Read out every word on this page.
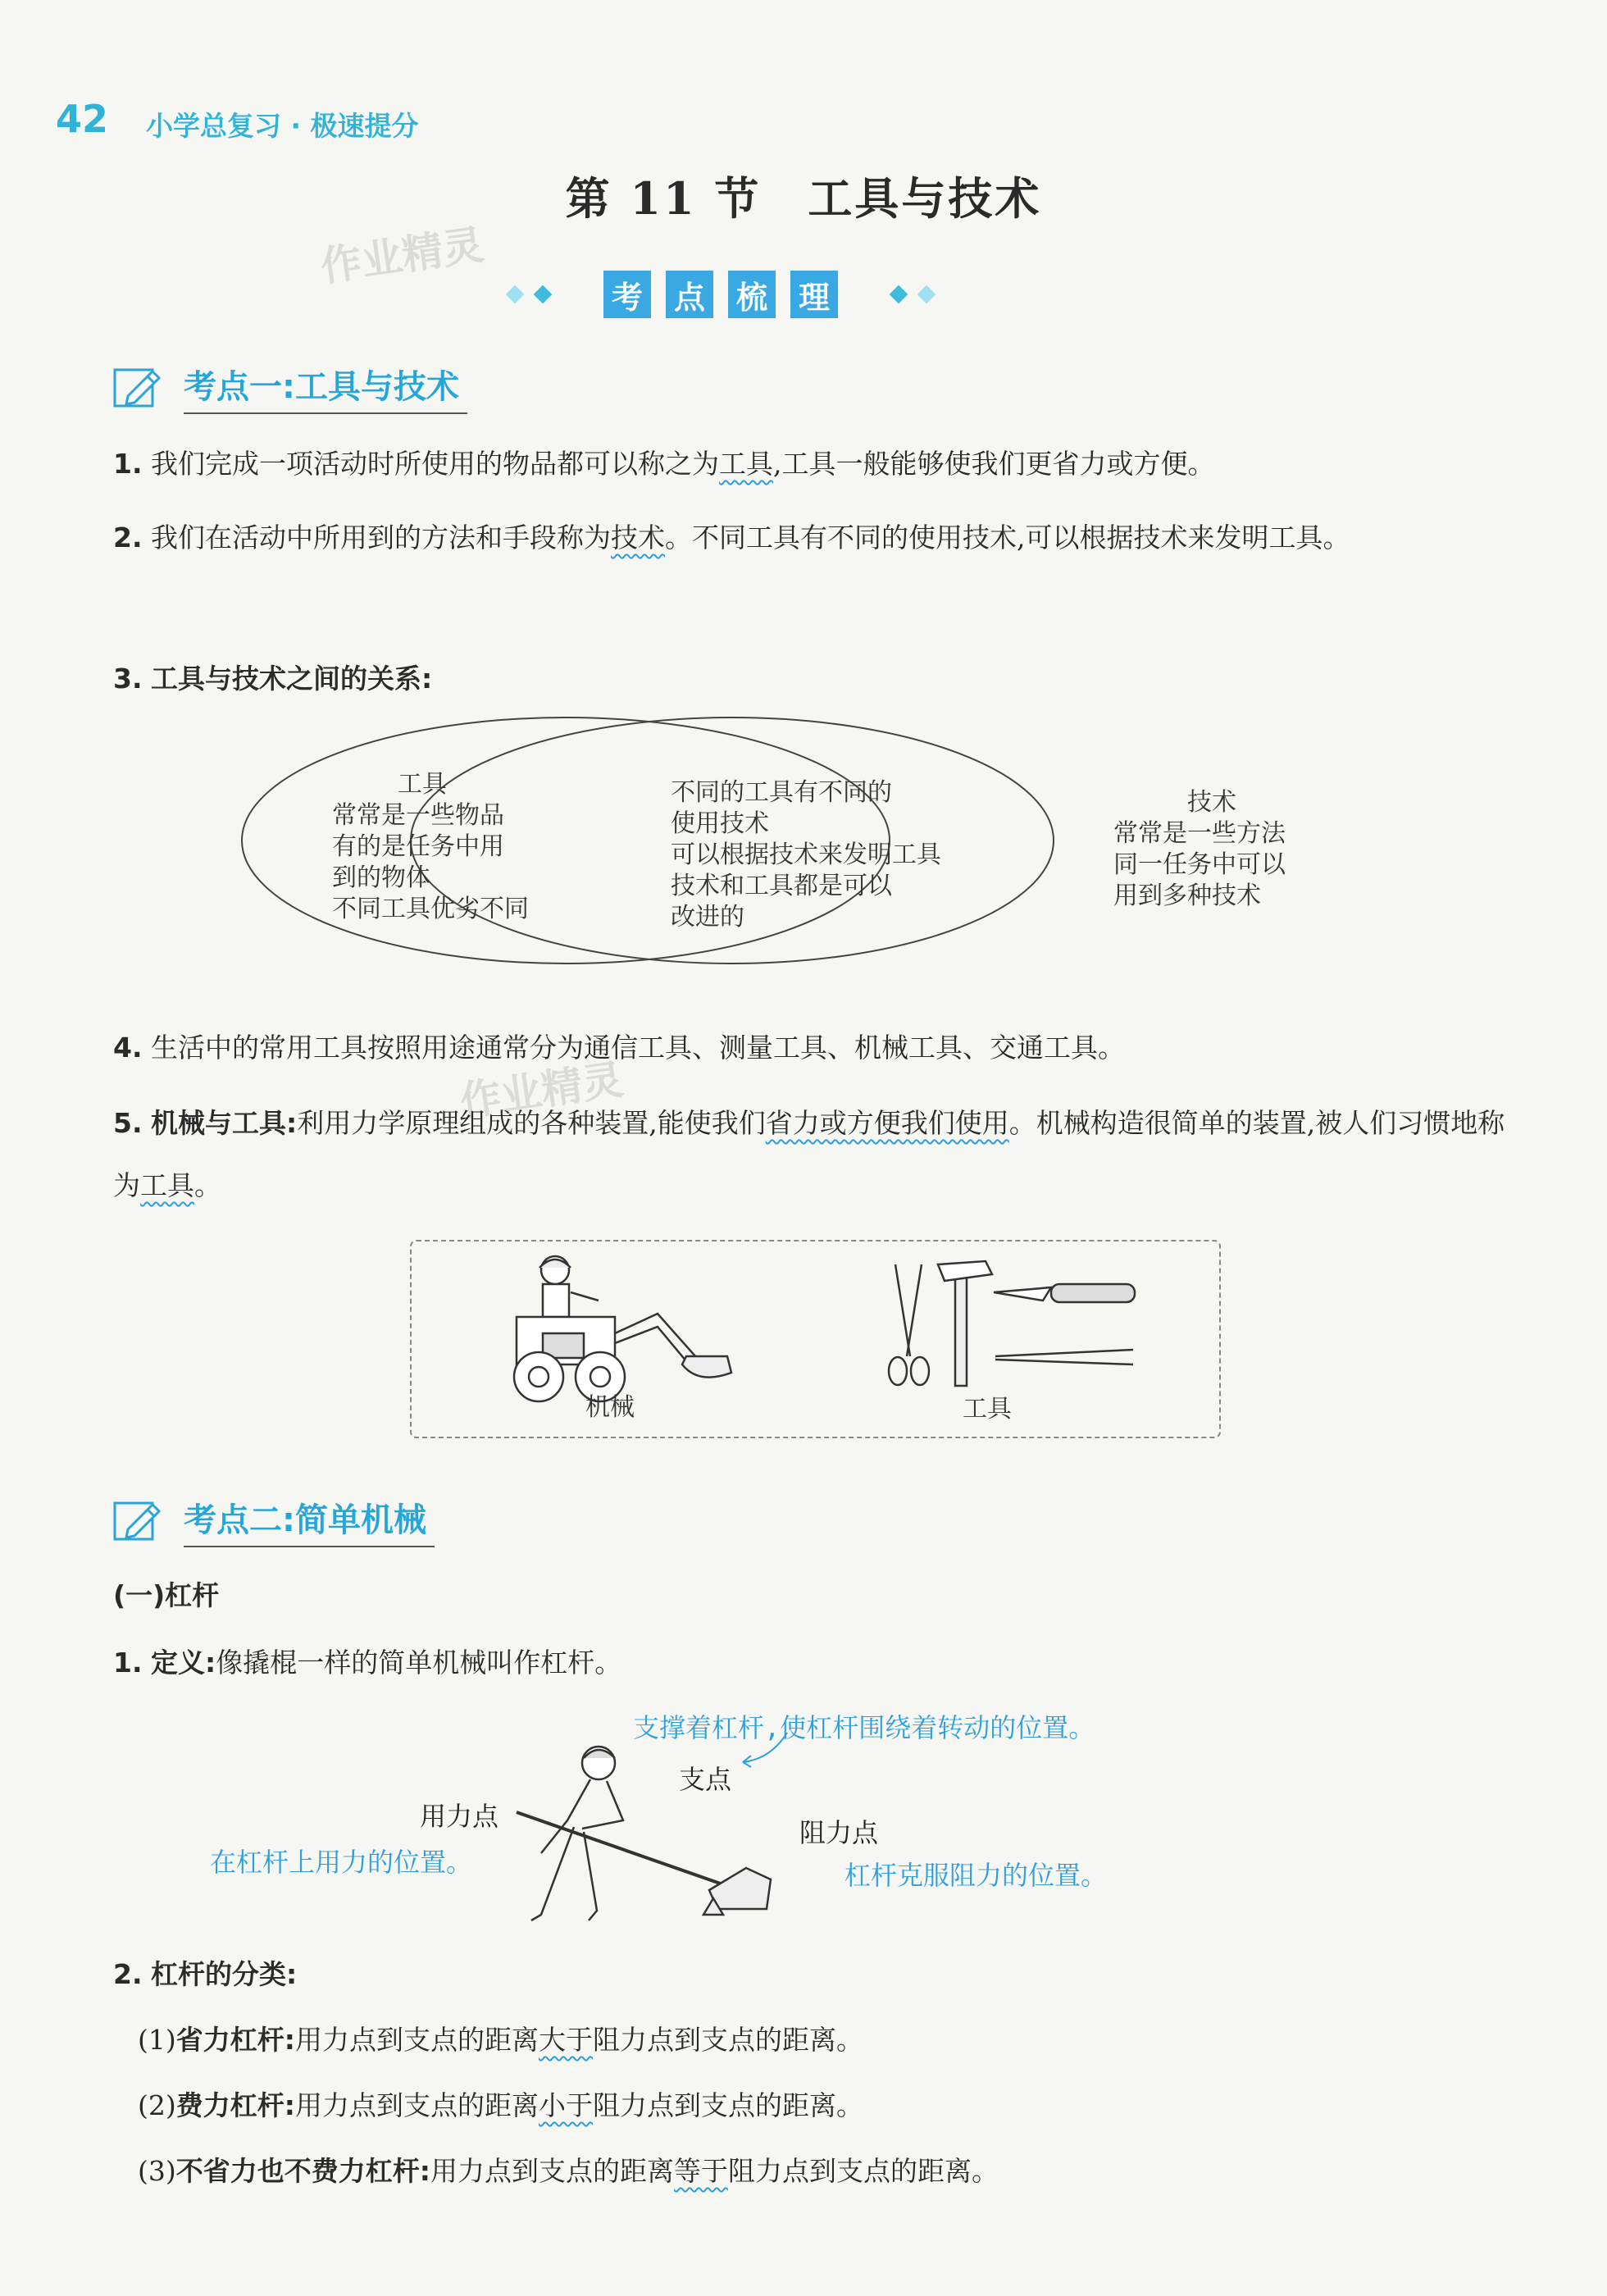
42 小学总复习 · 极速提分
第 11 节　工具与技术
作业精灵
考 点 梳 理
考点一:工具与技术
1. 我们完成一项活动时所使用的物品都可以称之为工具,工具一般能够使我们更省力或方便。
2. 我们在活动中所用到的方法和手段称为技术。不同工具有不同的使用技术,可以根据技术来发明工具。
3. 工具与技术之间的关系:
工具
常常是一些物品
有的是任务中用
到的物体
不同工具优劣不同
不同的工具有不同的
使用技术
可以根据技术来发明工具
技术和工具都是可以
改进的
技术
常常是一些方法
同一任务中可以
用到多种技术
4. 生活中的常用工具按照用途通常分为通信工具、测量工具、机械工具、交通工具。
作业精灵
5. 机械与工具:利用力学原理组成的各种装置,能使我们省力或方便我们使用。机械构造很简单的装置,被人们习惯地称为工具。
机械	工具
考点二:简单机械
(一)杠杆
1. 定义:像撬棍一样的简单机械叫作杠杆。
支撑着杠杆,使杠杆围绕着转动的位置。
支点
用力点
在杠杆上用力的位置。
阻力点
杠杆克服阻力的位置。
2. 杠杆的分类:
(1)省力杠杆:用力点到支点的距离大于阻力点到支点的距离。
(2)费力杠杆:用力点到支点的距离小于阻力点到支点的距离。
(3)不省力也不费力杠杆:用力点到支点的距离等于阻力点到支点的距离。
